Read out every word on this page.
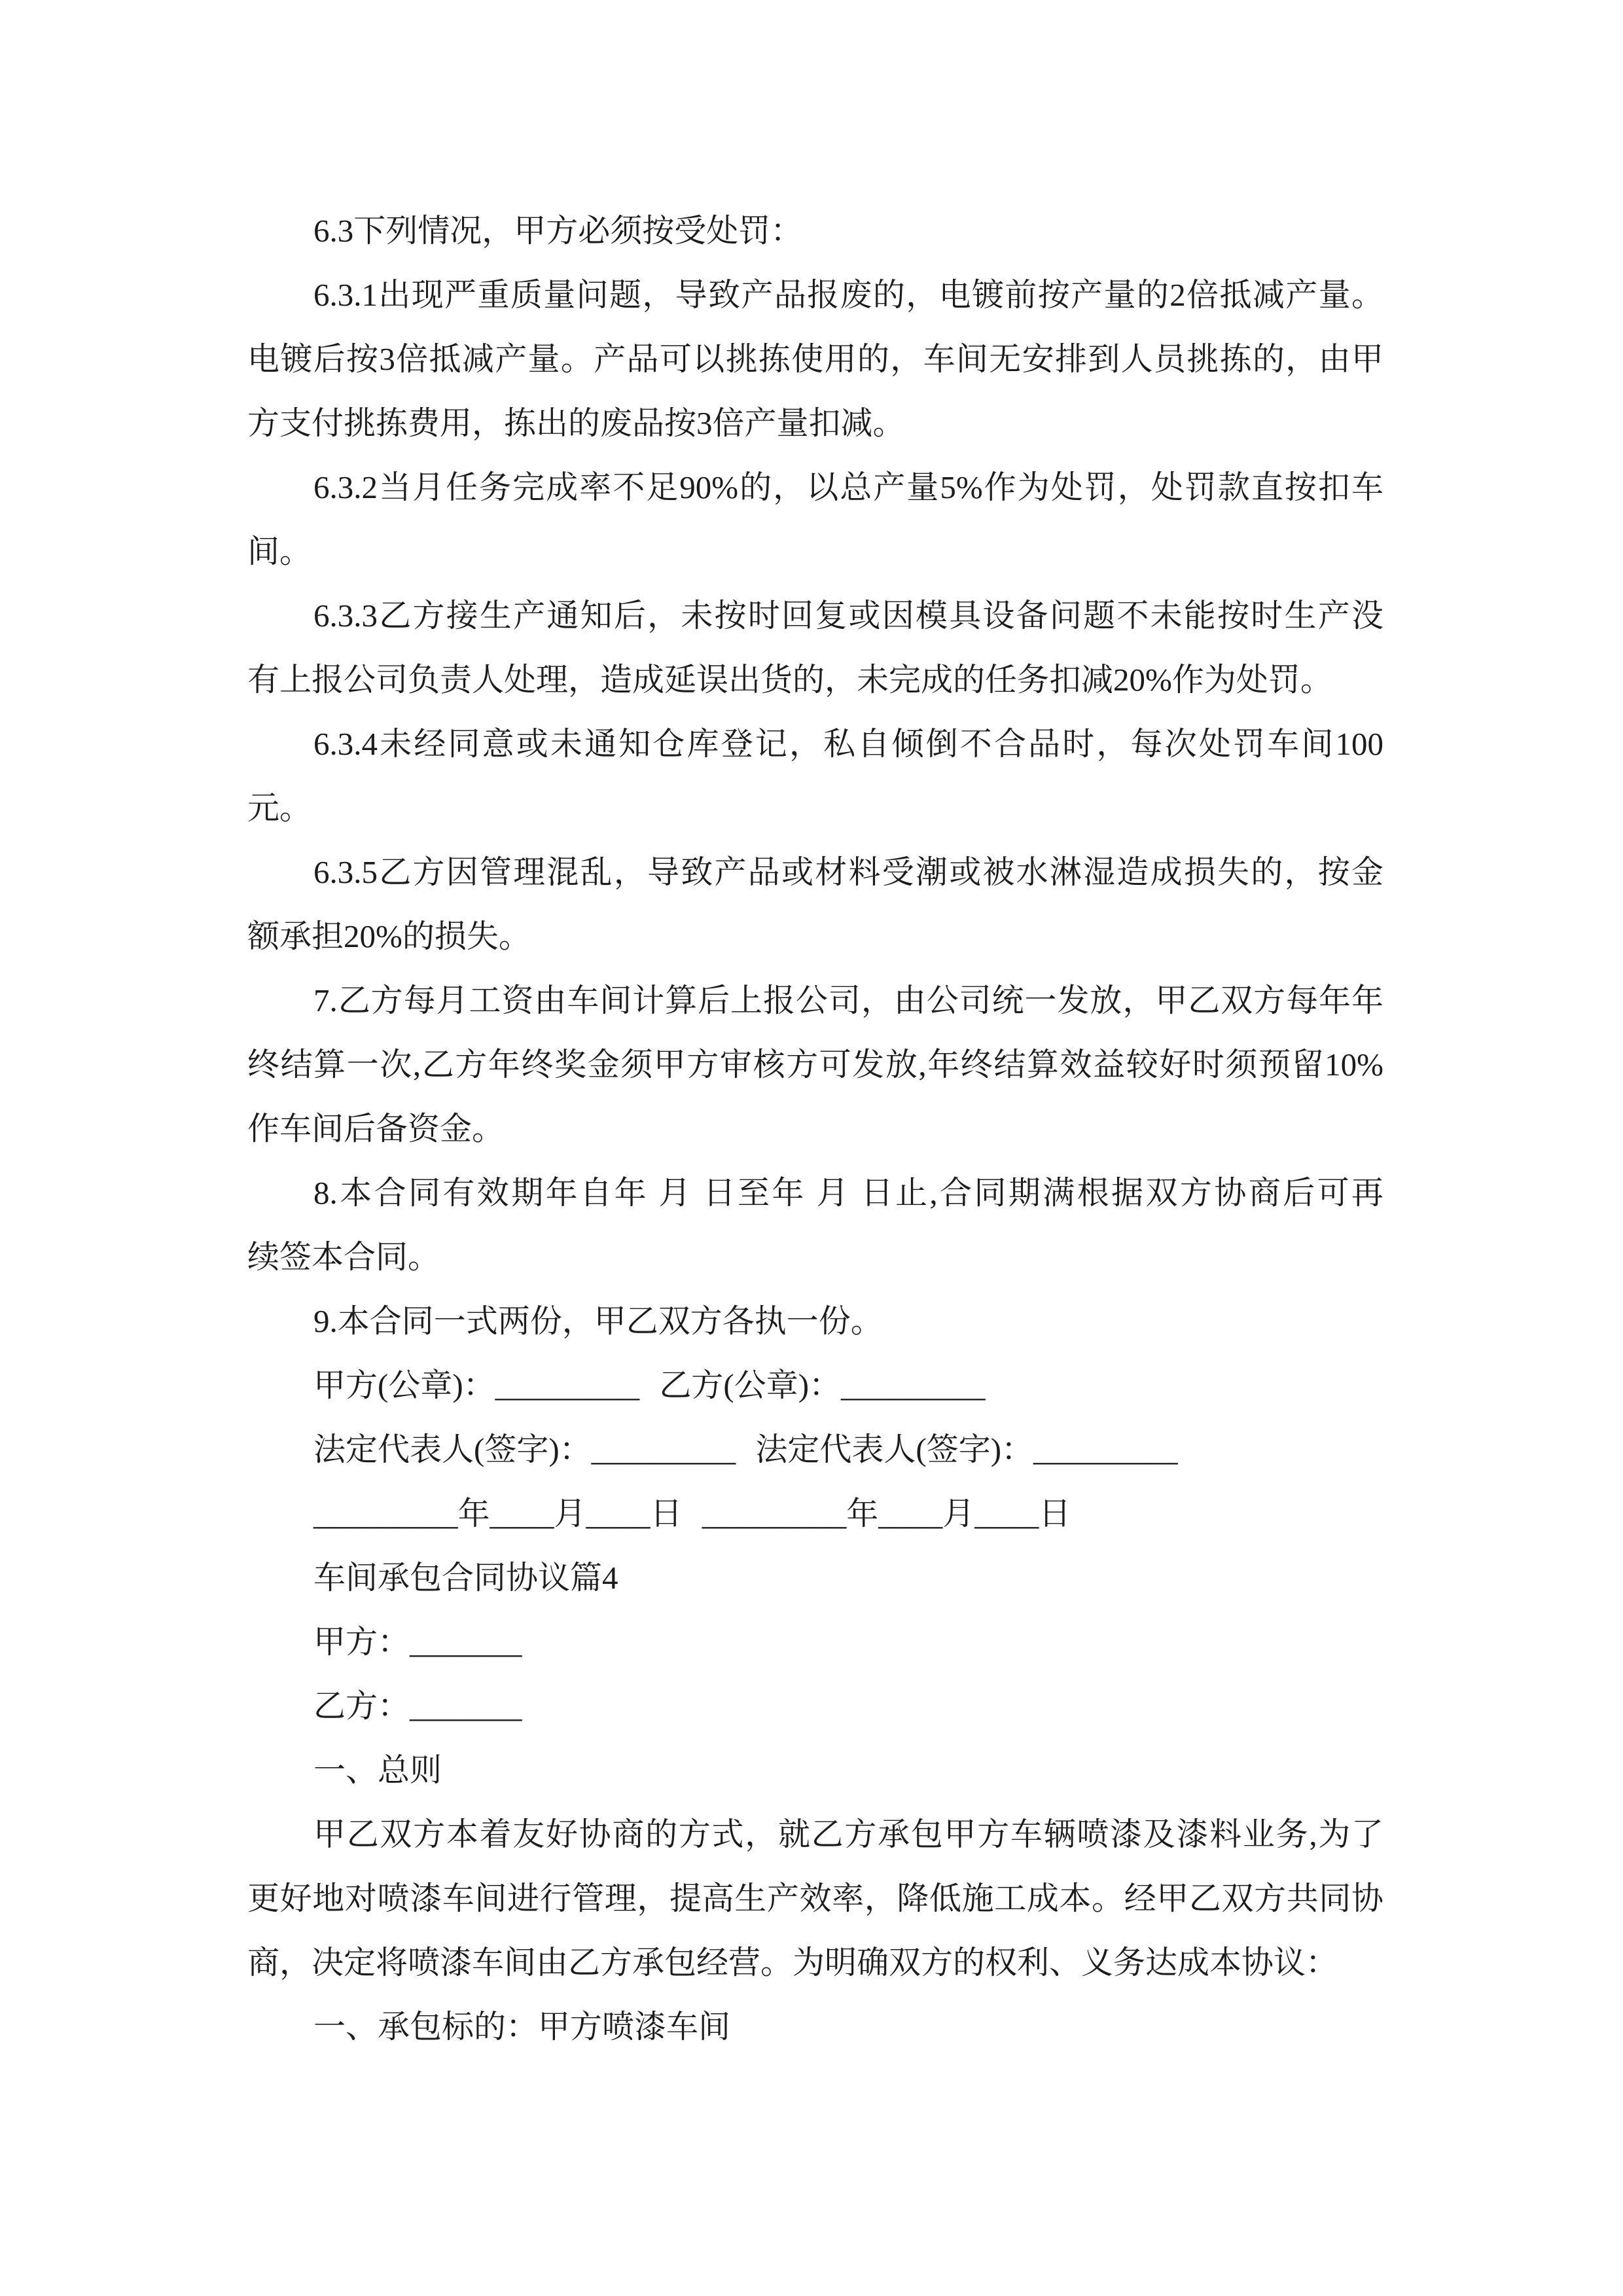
6.3下列情况，甲方必须按受处罚：
6.3.1出现严重质量问题，导致产品报废的，电镀前按产量的2倍抵减产量。
电镀后按3倍抵减产量。产品可以挑拣使用的，车间无安排到人员挑拣的，由甲
方支付挑拣费用，拣出的废品按3倍产量扣减。
6.3.2当月任务完成率不足90%的，以总产量5%作为处罚，处罚款直按扣车
间。
6.3.3乙方接生产通知后，未按时回复或因模具设备问题不未能按时生产没
有上报公司负责人处理，造成延误出货的，未完成的任务扣减20%作为处罚。
6.3.4未经同意或未通知仓库登记，私自倾倒不合品时，每次处罚车间100
元。
6.3.5乙方因管理混乱，导致产品或材料受潮或被水淋湿造成损失的，按金
额承担20%的损失。
7.乙方每月工资由车间计算后上报公司，由公司统一发放，甲乙双方每年年
终结算一次,乙方年终奖金须甲方审核方可发放,年终结算效益较好时须预留10%
作车间后备资金。
8.本合同有效期年自年 月 日至年 月 日止,合同期满根据双方协商后可再
续签本合同。
9.本合同一式两份，甲乙双方各执一份。
甲方(公章)：_________ 乙方(公章)：_________
法定代表人(签字)：_________ 法定代表人(签字)：_________
_________年____月____日 _________年____月____日
车间承包合同协议篇4
甲方：_______
乙方：_______
一、总则
甲乙双方本着友好协商的方式，就乙方承包甲方车辆喷漆及漆料业务,为了
更好地对喷漆车间进行管理，提高生产效率，降低施工成本。经甲乙双方共同协
商，决定将喷漆车间由乙方承包经营。为明确双方的权利、义务达成本协议：
一、承包标的：甲方喷漆车间
